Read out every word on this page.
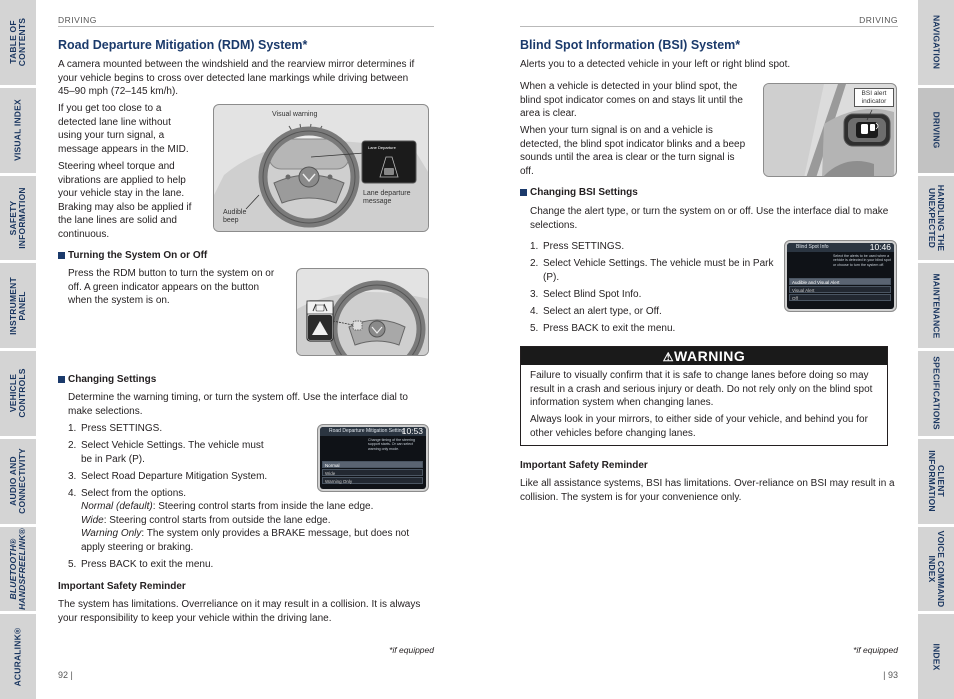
TABLE OF
CONTENTS
VISUAL INDEX
SAFETY
INFORMATION
INSTRUMENT
PANEL
VEHICLE
CONTROLS
AUDIO AND
CONNECTIVITY
BLUETOOTH®
HANDSFREELINK®
ACURALINK®
NAVIGATION
DRIVING
HANDLING THE
UNEXPECTED
MAINTENANCE
SPECIFICATIONS
CLIENT
INFORMATION
VOICE COMMAND
INDEX
INDEX
DRIVING
Road Departure Mitigation (RDM) System*

A camera mounted between the windshield and the rearview mirror determines if your vehicle begins to cross over detected lane markings while driving between 45–90 mph (72–145 km/h).

If you get too close to a detected lane line without using your turn signal, a message appears in the MID.

Steering wheel torque and vibrations are applied to help your vehicle stay in the lane. Braking may also be applied if the lane lines are solid and continuous.

Lane Departure
Visual warning
Audible beep
Lane departure message
Turning the System On or Off

Press the RDM button to turn the system on or off. A green indicator appears on the button when the system is on.

Changing Settings

Determine the warning timing, or turn the system off. Use the interface dial to make selections.

1. Press SETTINGS.
2. Select Vehicle Settings. The vehicle must be in Park (P).
3. Select Road Departure Mitigation System.
4. Select from the options.
Normal (default): Steering control starts from inside the lane edge.
Wide: Steering control starts from outside the lane edge.
Warning Only: The system only provides a BRAKE message, but does not apply steering or braking.
5. Press BACK to exit the menu.
Road Departure Mitigation Setting
10:53
Change timing of the steering support starts. Or can select warning only mode.
Normal
Wide
Warning Only
Important Safety Reminder

The system has limitations. Overreliance on it may result in a collision. It is always your responsibility to keep your vehicle within the driving lane.

*if equipped
92 |
DRIVING
Blind Spot Information (BSI) System*

Alerts you to a detected vehicle in your left or right blind spot.

When a vehicle is detected in your blind spot, the blind spot indicator comes on and stays lit until the area is clear.

When your turn signal is on and a vehicle is detected, the blind spot indicator blinks and a beep sounds until the area is clear or the turn signal is off.

BSI alert indicator
Changing BSI Settings

Change the alert type, or turn the system on or off. Use the interface dial to make selections.

1. Press SETTINGS.
2. Select Vehicle Settings. The vehicle must be in Park (P).
3. Select Blind Spot Info.
4. Select an alert type, or Off.
5. Press BACK to exit the menu.
Blind Spot Info	10:46
Select the alerts to be used when a vehicle is detected in your blind spot or choose to turn the system off.
Audible and Visual Alert
Visual Alert
Off
⚠WARNING

Failure to visually confirm that it is safe to change lanes before doing so may result in a crash and serious injury or death. Do not rely only on the blind spot information system when changing lanes.

Always look in your mirrors, to either side of your vehicle, and behind you for other vehicles before changing lanes.

Important Safety Reminder

Like all assistance systems, BSI has limitations. Over-reliance on BSI may result in a collision. The system is for your convenience only.

*if equipped
| 93
